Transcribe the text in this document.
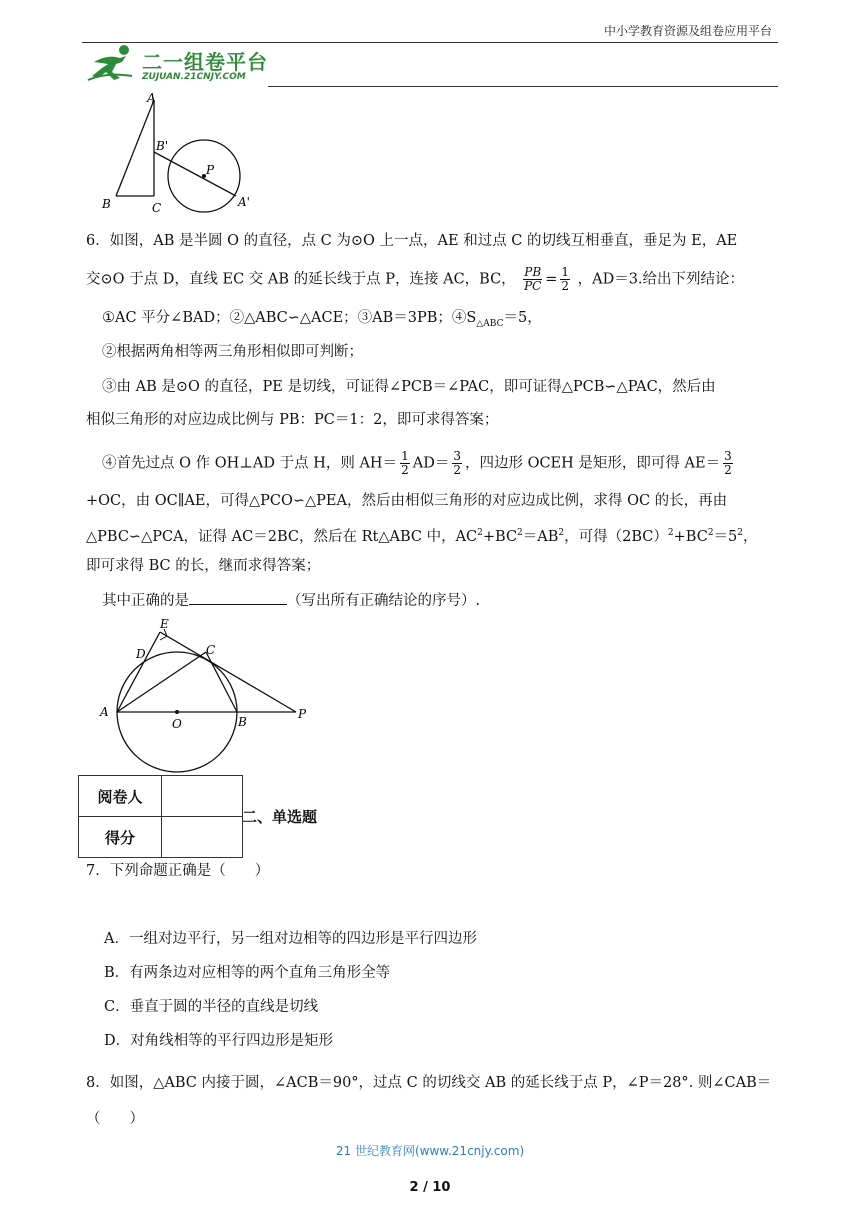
中小学教育资源及组卷应用平台
二一组卷平台
ZUJUAN.21CNJY.COM
A
B'
P
B	C	A'
6．如图，AB 是半圆 O 的直径，点 C 为⊙O 上一点，AE 和过点 C 的切线互相垂直，垂足为 E，AE
交⊙O 于点 D，直线 EC 交 AB 的延长线于点 P，连接 AC，BC， $\frac{PB}{PC} = \frac{1}{2}$ ，AD＝3.给出下列结论：
①AC 平分∠BAD；②△ABC∽△ACE；③AB＝3PB；$④S_{\triangle ABC}=5$，
②根据两角相等两三角形相似即可判断；
③由 AB 是⊙O 的直径，PE 是切线，可证得∠PCB＝∠PAC，即可证得△PCB∽△PAC，然后由
相似三角形的对应边成比例与 PB：PC＝1：2，即可求得答案；
④首先过点 O 作 OH⊥AD 于点 H，则 $AH= \frac{1}{2} AD= \frac{3}{2}$ ，四边形 OCEH 是矩形，即可得 $AE= \frac{3}{2}$
+OC，由 OC∥AE，可得△PCO∽△PEA，然后由相似三角形的对应边成比例，求得 OC 的长，再由
△PBC∽△PCA，证得 AC＝2BC，然后在 Rt△ABC 中，$AC^2+BC^2=AB^2$，可得$(2BC)^2+BC^2=5^2$，
即可求得 BC 的长，继而求得答案；
其中正确的是	（写出所有正确结论的序号）.
E
D	C
A
O	B
P
阅卷人	
得分	
二、单选题
7．下列命题正确是（　　）
A．一组对边平行，另一组对边相等的四边形是平行四边形
B．有两条边对应相等的两个直角三角形全等
C．垂直于圆的半径的直线是切线
D．对角线相等的平行四边形是矩形
8．如图，△ABC 内接于圆，∠ACB＝90°，过点 C 的切线交 AB 的延长线于点 P，∠P＝28°. 则∠CAB＝
（　　）
21 世纪教育网(www.21cnjy.com)
2 / 10
